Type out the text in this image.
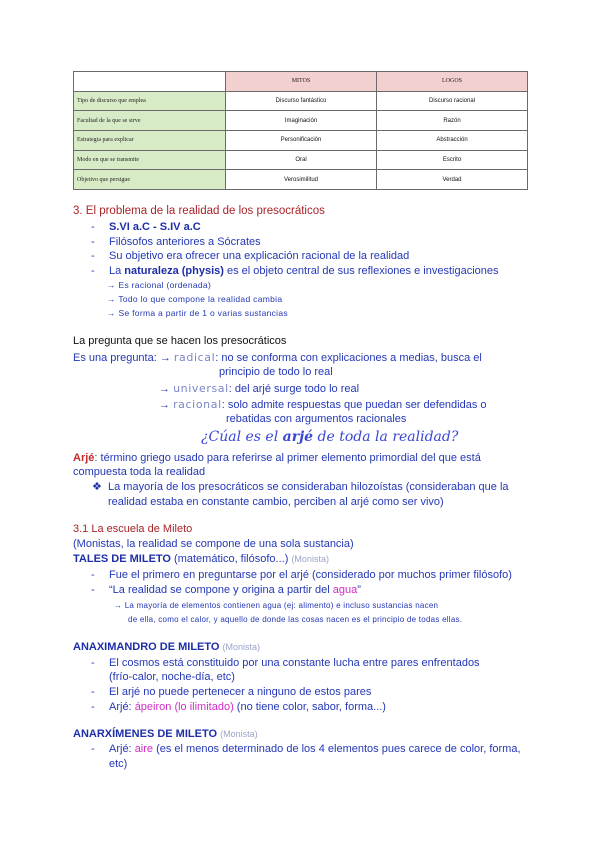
	MITOS	LOGOS
Tipo de discurso que emplea	Discurso fantástico	Discurso racional
Facultad de la que se sirve	Imaginación	Razón
Estrategia para explicar	Personificación	Abstracción
Modo en que se transmite	Oral	Escrito
Objetivo que persigue	Verosimilitud	Verdad
3. El problema de la realidad de los presocráticos
- S.VI a.C - S.IV a.C
- Filósofos anteriores a Sócrates
- Su objetivo era ofrecer una explicación racional de la realidad
- La naturaleza (physis) es el objeto central de sus reflexiones e investigaciones
→ Es racional (ordenada)
→ Todo lo que compone la realidad cambia
→ Se forma a partir de 1 o varias sustancias
La pregunta que se hacen los presocráticos
Es una pregunta: → radical: no se conforma con explicaciones a medias, busca el
principio de todo lo real
→ universal: del arjé surge todo lo real
→ racional: solo admite respuestas que puedan ser defendidas o
rebatidas con argumentos racionales
¿Cúal es el arjé de toda la realidad?
Arjé: término griego usado para referirse al primer elemento primordial del que está
compuesta toda la realidad
❖ La mayoría de los presocráticos se consideraban hilozoístas (consideraban que la
realidad estaba en constante cambio, perciben al arjé como ser vivo)
3.1 La escuela de Mileto
(Monistas, la realidad se compone de una sola sustancia)
TALES DE MILETO (matemático, filósofo...) (Monista)
- Fue el primero en preguntarse por el arjé (considerado por muchos primer filósofo)
- “La realidad se compone y origina a partir del agua”
→ La mayoría de elementos contienen agua (ej: alimento) e incluso sustancias nacen
de ella, como el calor, y aquello de donde las cosas nacen es el principio de todas ellas.
ANAXIMANDRO DE MILETO (Monista)
- El cosmos está constituido por una constante lucha entre pares enfrentados
(frío-calor, noche-día, etc)
- El arjé no puede pertenecer a ninguno de estos pares
- Arjé: ápeiron (lo ilimitado) (no tiene color, sabor, forma...)
ANARXÍMENES DE MILETO (Monista)
- Arjé: aire (es el menos determinado de los 4 elementos pues carece de color, forma,
etc)
